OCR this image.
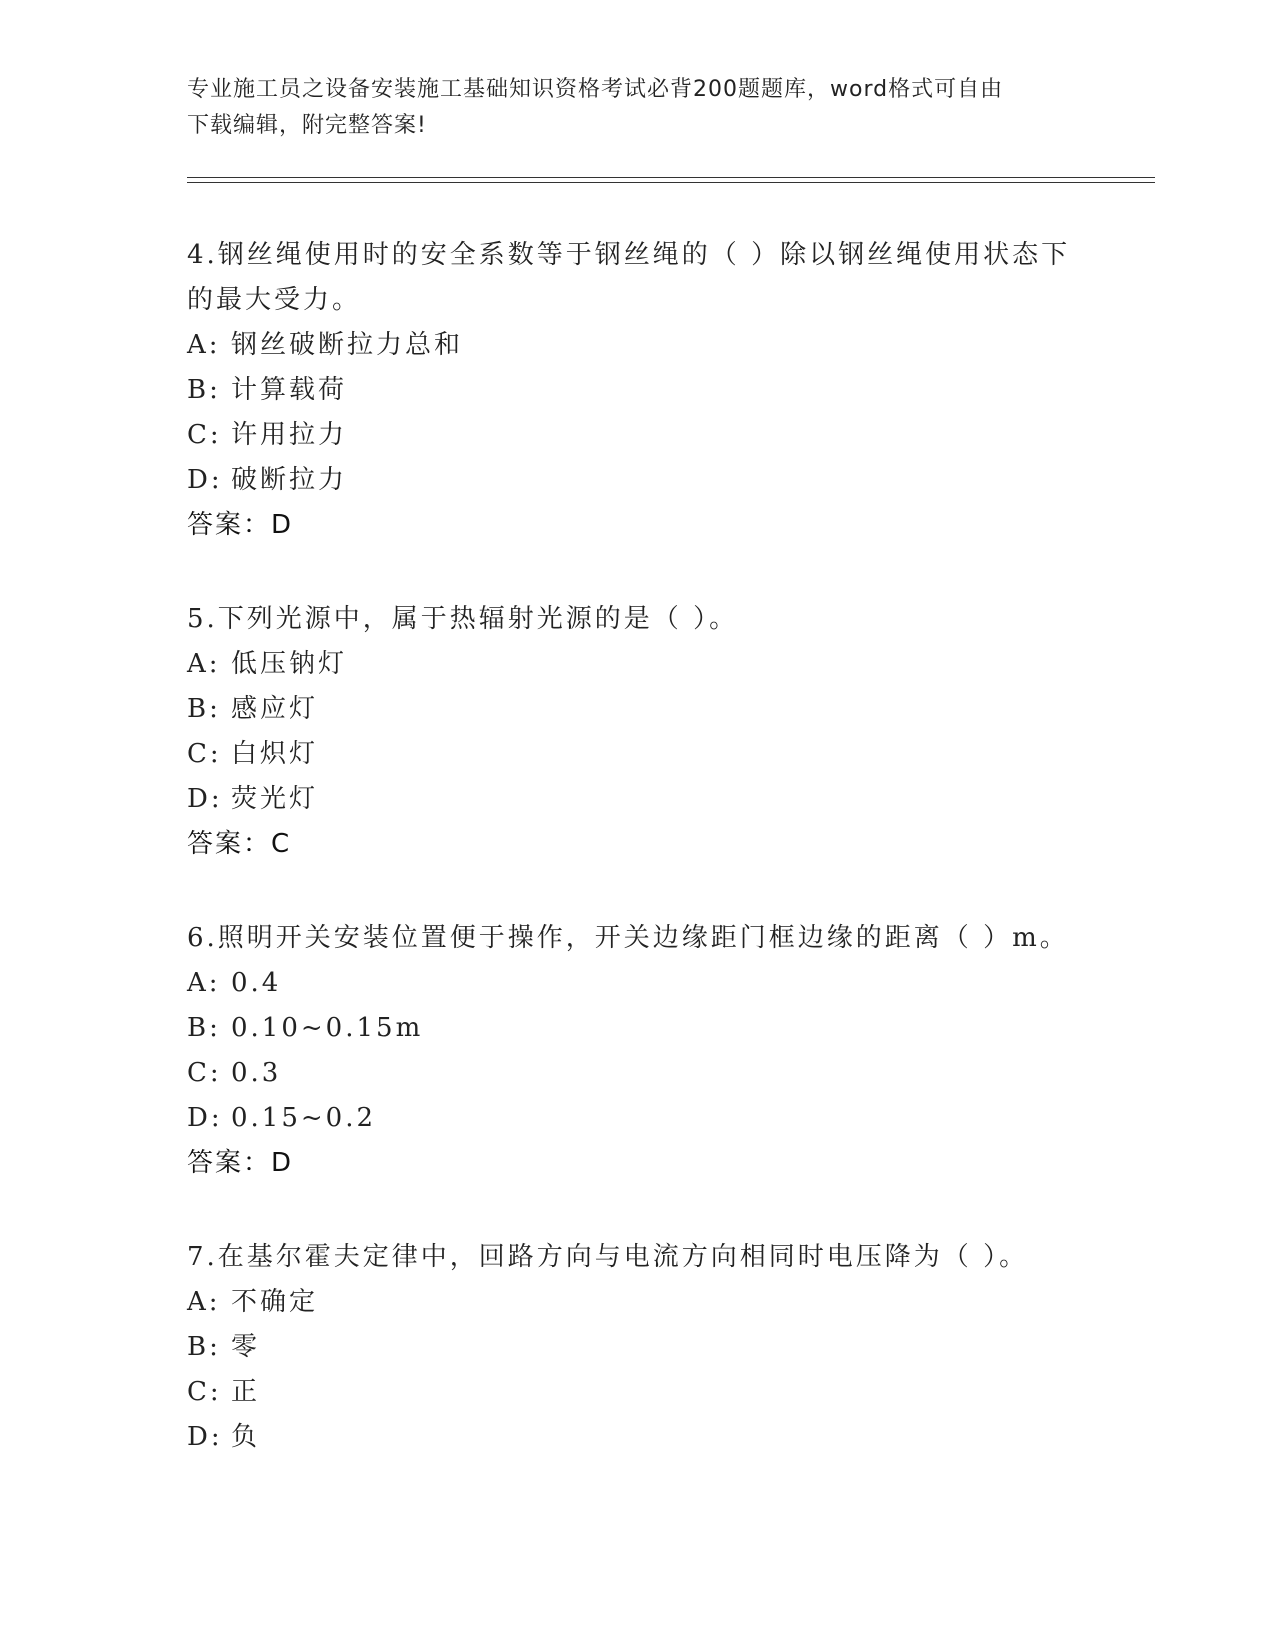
专业施工员之设备安装施工基础知识资格考试必背200题题库，word格式可自由
下载编辑，附完整答案!

4.钢丝绳使用时的安全系数等于钢丝绳的（ ）除以钢丝绳使用状态下

的最大受力。

A: 钢丝破断拉力总和
B: 计算载荷
C: 许用拉力
D: 破断拉力

答案：D

5.下列光源中，属于热辐射光源的是（ ）。

A: 低压钠灯
B: 感应灯
C: 白炽灯
D: 荧光灯

答案：C

6.照明开关安装位置便于操作，开关边缘距门框边缘的距离（ ）m。

A: 0.4
B: 0.10~0.15m
C: 0.3
D: 0.15~0.2

答案：D

7.在基尔霍夫定律中，回路方向与电流方向相同时电压降为（ ）。

A: 不确定
B: 零
C: 正
D: 负
